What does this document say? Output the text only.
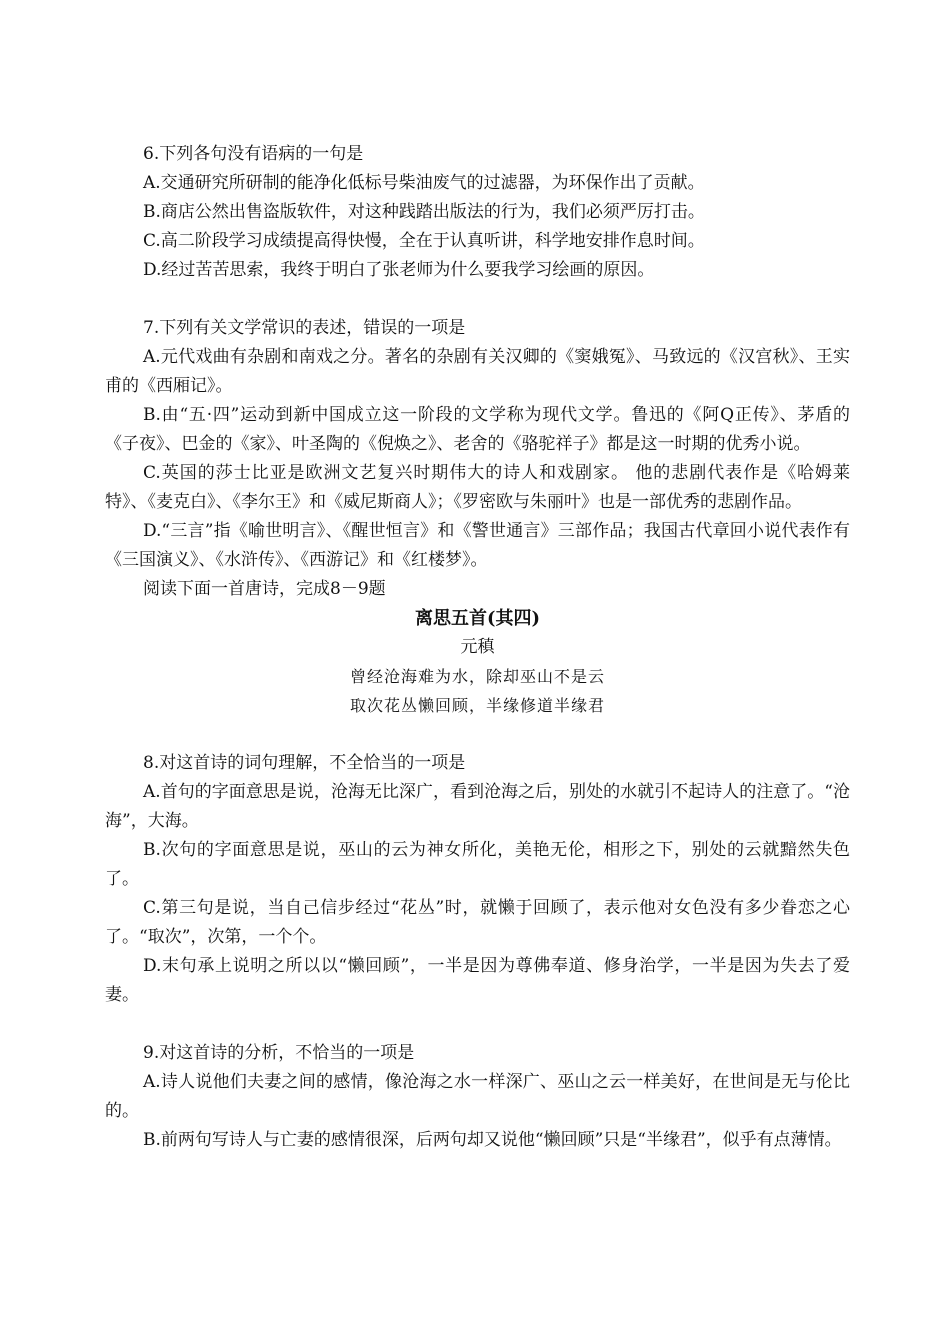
6.下列各句没有语病的一句是

A.交通研究所研制的能净化低标号柴油废气的过滤器，为环保作出了贡献。

B.商店公然出售盗版软件，对这种践踏出版法的行为，我们必须严厉打击。

C.高二阶段学习成绩提高得快慢，全在于认真听讲，科学地安排作息时间。

D.经过苦苦思索，我终于明白了张老师为什么要我学习绘画的原因。

7.下列有关文学常识的表述，错误的一项是

A.元代戏曲有杂剧和南戏之分。著名的杂剧有关汉卿的《窦娥冤》、马致远的《汉宫秋》、王实甫的《西厢记》。

B.由“五·四”运动到新中国成立这一阶段的文学称为现代文学。鲁迅的《阿Q正传》、茅盾的《子夜》、巴金的《家》、叶圣陶的《倪焕之》、老舍的《骆驼祥子》都是这一时期的优秀小说。

C.英国的莎士比亚是欧洲文艺复兴时期伟大的诗人和戏剧家。 他的悲剧代表作是《哈姆莱特》、《麦克白》、《李尔王》和《威尼斯商人》；《罗密欧与朱丽叶》也是一部优秀的悲剧作品。

D.“三言”指《喻世明言》、《醒世恒言》和《警世通言》三部作品；我国古代章回小说代表作有《三国演义》、《水浒传》、《西游记》和《红楼梦》。

阅读下面一首唐诗，完成8－9题

离思五首(其四)

元稹

曾经沧海难为水，除却巫山不是云

取次花丛懒回顾，半缘修道半缘君

8.对这首诗的词句理解，不全恰当的一项是

A.首句的字面意思是说，沧海无比深广，看到沧海之后，别处的水就引不起诗人的注意了。“沧海”，大海。

B.次句的字面意思是说，巫山的云为神女所化，美艳无伦，相形之下，别处的云就黯然失色了。

C.第三句是说，当自己信步经过“花丛”时，就懒于回顾了，表示他对女色没有多少眷恋之心了。“取次”，次第，一个个。

D.末句承上说明之所以以“懒回顾”，一半是因为尊佛奉道、修身治学，一半是因为失去了爱妻。

9.对这首诗的分析，不恰当的一项是

A.诗人说他们夫妻之间的感情，像沧海之水一样深广、巫山之云一样美好，在世间是无与伦比的。

B.前两句写诗人与亡妻的感情很深，后两句却又说他“懒回顾”只是“半缘君”，似乎有点薄情。
